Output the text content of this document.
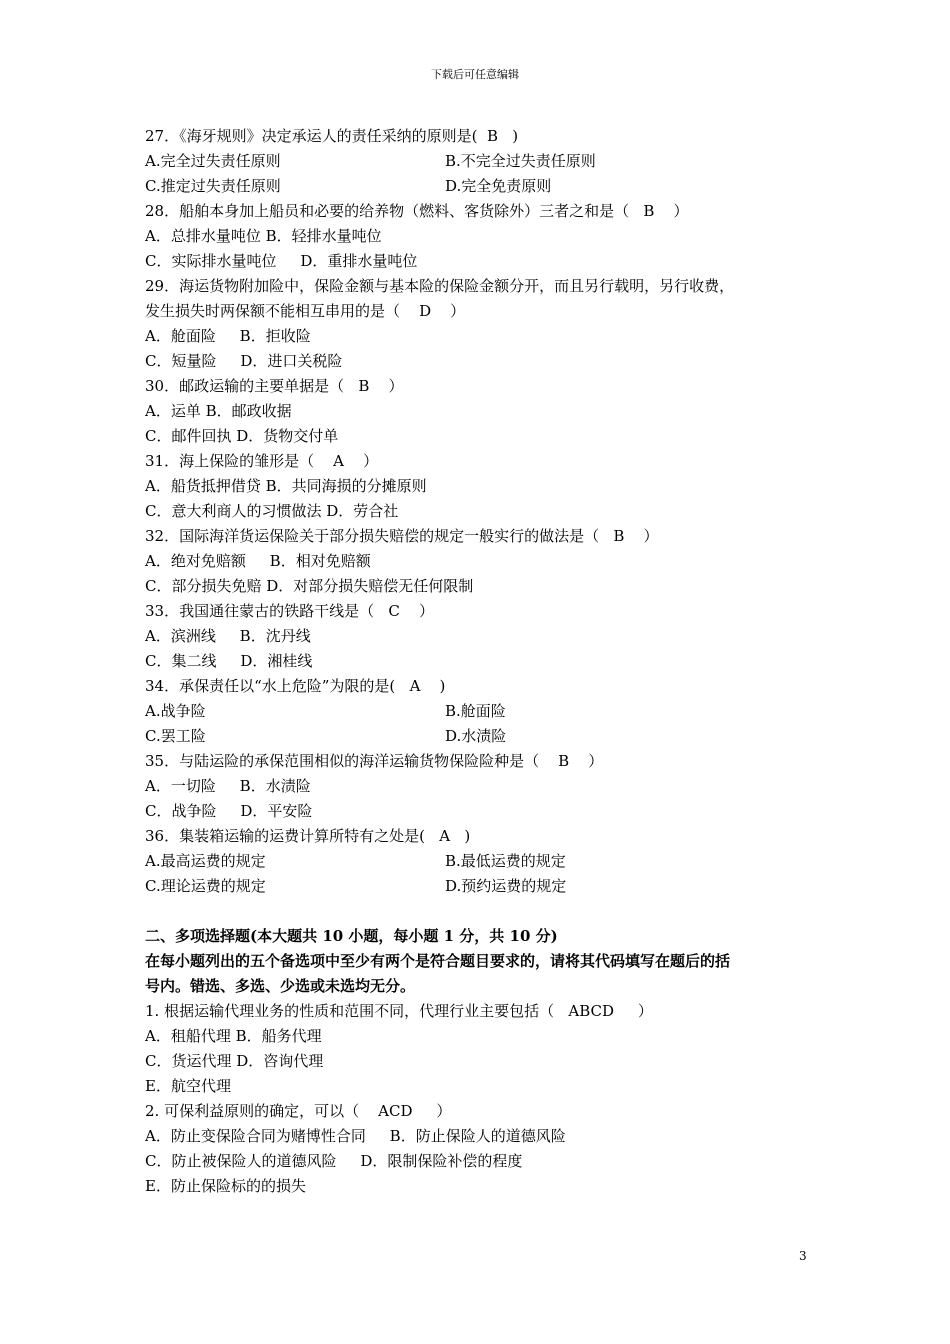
下载后可任意编辑
27．《海牙规则》决定承运人的责任采纳的原则是(  B   )
A.完全过失责任原则	B.不完全过失责任原则
C.推定过失责任原则	D.完全免责原则
28．船舶本身加上船员和必要的给养物（燃料、客货除外）三者之和是（   B    ）
A．总排水量吨位 B．轻排水量吨位
C．实际排水量吨位     D．重排水量吨位
29．海运货物附加险中，保险金额与基本险的保险金额分开，而且另行载明，另行收费，
发生损失时两保额不能相互串用的是（    D    ）
A．舱面险     B．拒收险
C．短量险     D．进口关税险
30．邮政运输的主要单据是（   B    ）
A．运单 B．邮政收据
C．邮件回执 D．货物交付单
31．海上保险的雏形是（    A    ）
A．船货抵押借贷 B．共同海损的分摊原则
C．意大利商人的习惯做法 D．劳合社
32．国际海洋货运保险关于部分损失赔偿的规定一般实行的做法是（   B    ）
A．绝对免赔额     B．相对免赔额
C．部分损失免赔 D．对部分损失赔偿无任何限制
33．我国通往蒙古的铁路干线是（   C    ）
A．滨洲线     B．沈丹线
C．集二线     D．湘桂线
34．承保责任以“水上危险”为限的是(   A    )
A.战争险	B.舱面险
C.罢工险	D.水渍险
35．与陆运险的承保范围相似的海洋运输货物保险险种是（    B    ）
A．一切险     B．水渍险
C．战争险     D．平安险
36．集装箱运输的运费计算所特有之处是(   A   )
A.最高运费的规定	B.最低运费的规定
C.理论运费的规定	D.预约运费的规定
二、多项选择题(本大题共 10 小题，每小题 1 分，共 10 分)
在每小题列出的五个备选项中至少有两个是符合题目要求的，请将其代码填写在题后的括
号内。错选、多选、少选或未选均无分。
1. 根据运输代理业务的性质和范围不同，代理行业主要包括（   ABCD     ）
A．租船代理 B．船务代理
C．货运代理 D．咨询代理
E．航空代理
2. 可保利益原则的确定，可以（    ACD     ）
A．防止变保险合同为赌博性合同     B．防止保险人的道德风险
C．防止被保险人的道德风险     D．限制保险补偿的程度
E．防止保险标的的损失
3
